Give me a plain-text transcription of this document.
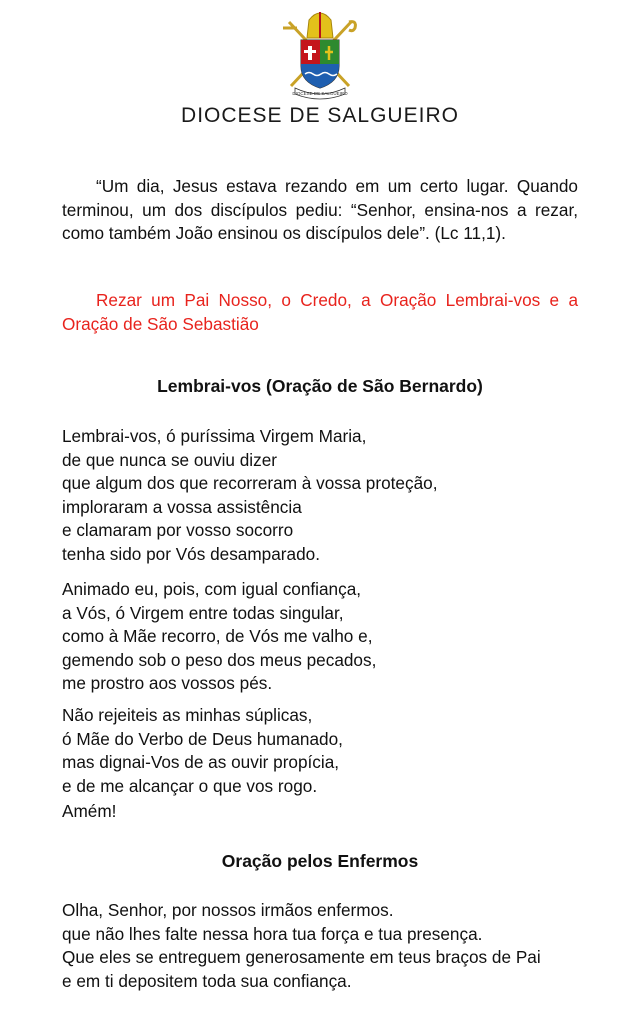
DIOCESE DE SALGUEIRO
DIOCESE DE SALGUEIRO
“Um dia, Jesus estava rezando em um certo lugar. Quando terminou, um dos discípulos pediu: “Senhor, ensina-nos a rezar, como também João ensinou os discípulos dele”. (Lc 11,1).
Rezar um Pai Nosso, o Credo, a Oração Lembrai-vos e a Oração de São Sebastião
Lembrai-vos (Oração de São Bernardo)
Lembrai-vos, ó puríssima Virgem Maria,
de que nunca se ouviu dizer
que algum dos que recorreram à vossa proteção,
imploraram a vossa assistência
e clamaram por vosso socorro
tenha sido por Vós desamparado.
Animado eu, pois, com igual confiança,
a Vós, ó Virgem entre todas singular,
como à Mãe recorro, de Vós me valho e,
gemendo sob o peso dos meus pecados,
me prostro aos vossos pés.
Não rejeiteis as minhas súplicas,
ó Mãe do Verbo de Deus humanado,
mas dignai-Vos de as ouvir propícia,
e de me alcançar o que vos rogo.
Amém!
Oração pelos Enfermos
Olha, Senhor, por nossos irmãos enfermos.
que não lhes falte nessa hora tua força e tua presença.
Que eles se entreguem generosamente em teus braços de Pai
e em ti depositem toda sua confiança.
